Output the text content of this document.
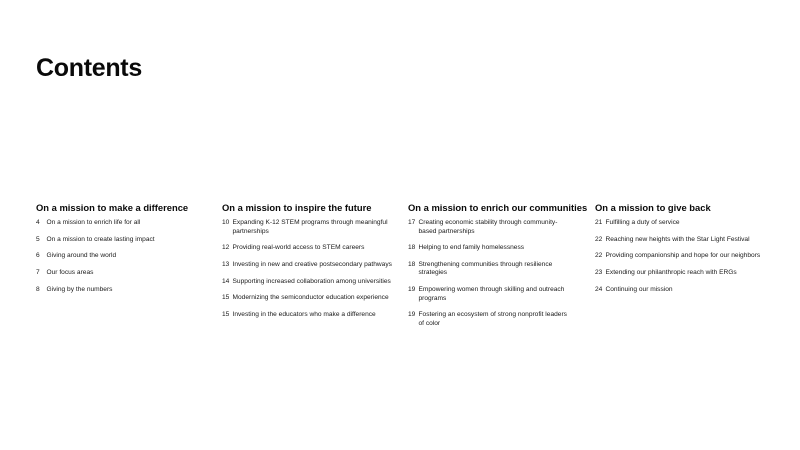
Contents
On a mission to make a difference
4	On a mission to enrich life for all
5	On a mission to create lasting impact
6	Giving around the world
7	Our focus areas
8	Giving by the numbers
On a mission to inspire the future
10 Expanding K-12 STEM programs through meaningful partnerships
12 Providing real-world access to STEM careers
13 Investing in new and creative postsecondary pathways
14 Supporting increased collaboration among universities
15 Modernizing the semiconductor education experience
15 Investing in the educators who make a difference
On a mission to enrich our communities
17 Creating economic stability through community-based partnerships
18 Helping to end family homelessness
18 Strengthening communities through resilience strategies
19 Empowering women through skilling and outreach programs
19 Fostering an ecosystem of strong nonprofit leaders of color
On a mission to give back
21 Fulfilling a duty of service
22 Reaching new heights with the Star Light Festival
22 Providing companionship and hope for our neighbors
23 Extending our philanthropic reach with ERGs
24 Continuing our mission
